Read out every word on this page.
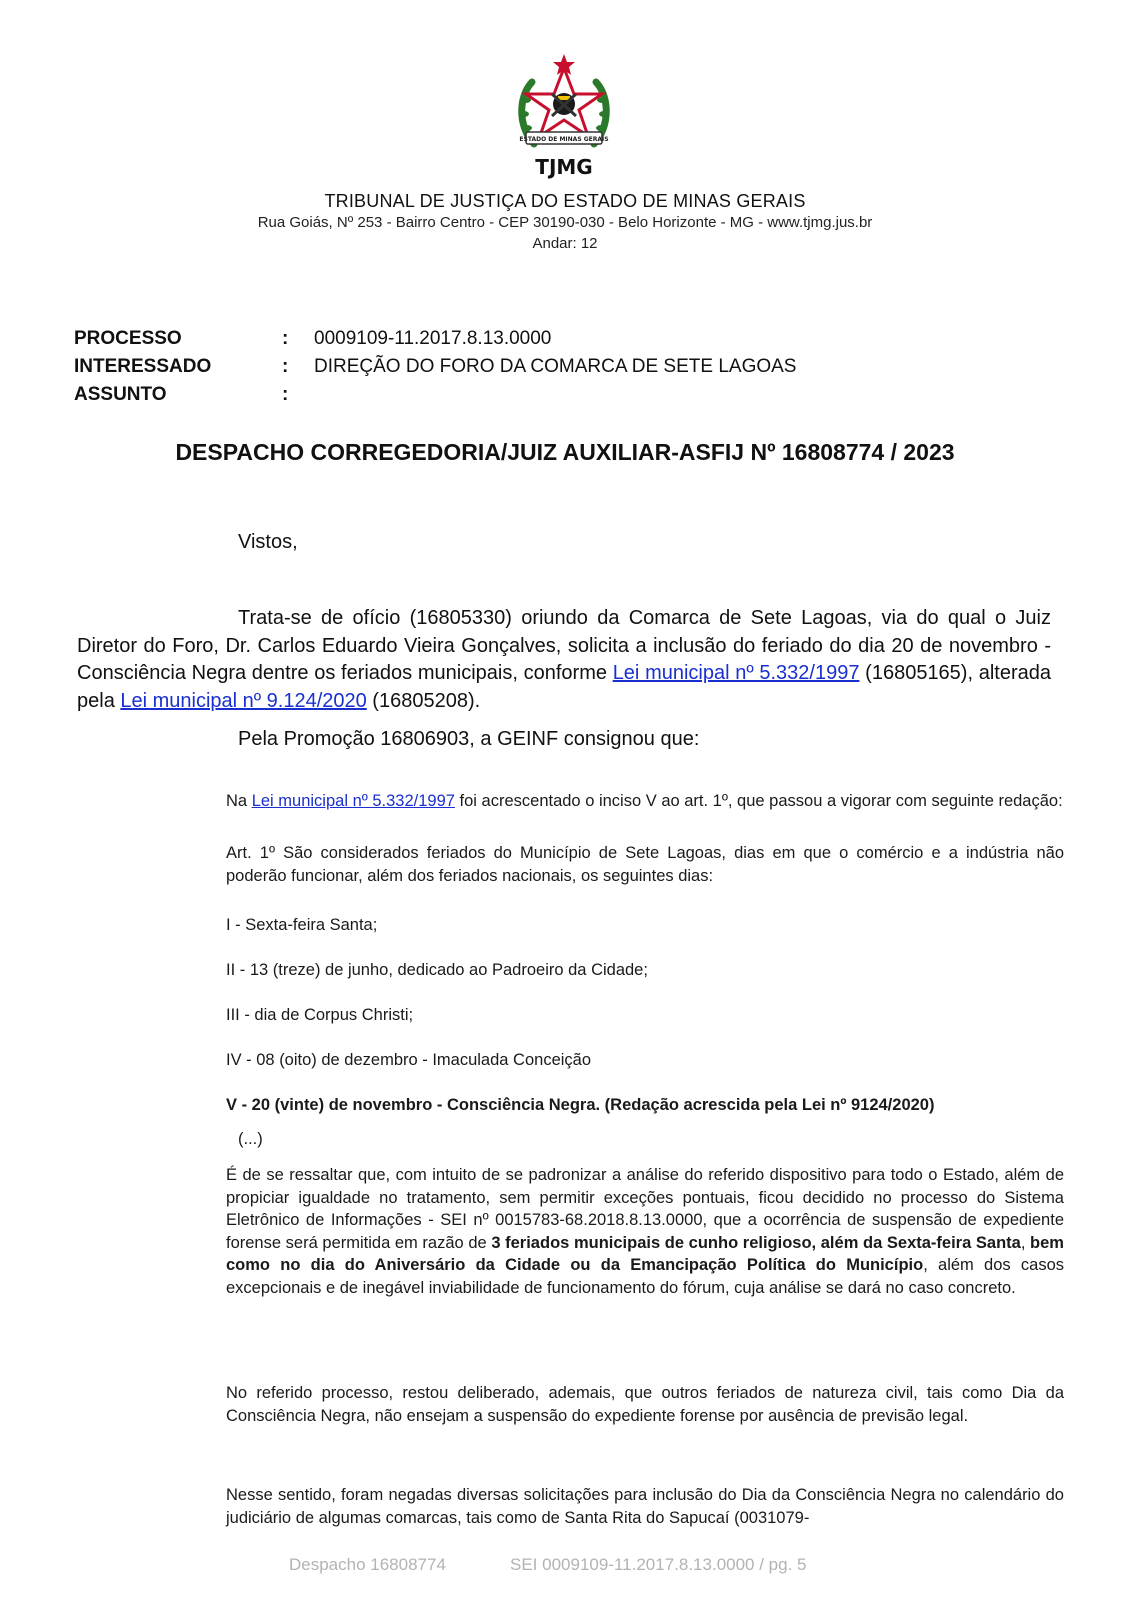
ESTADO DE MINAS GERAIS
TJMG
TRIBUNAL DE JUSTIÇA DO ESTADO DE MINAS GERAIS
Rua Goiás, Nº 253 - Bairro Centro - CEP 30190-030 - Belo Horizonte - MG - www.tjmg.jus.br
Andar: 12
PROCESSO	:	0009109-11.2017.8.13.0000
INTERESSADO	:	DIREÇÃO DO FORO DA COMARCA DE SETE LAGOAS
ASSUNTO	:
DESPACHO CORREGEDORIA/JUIZ AUXILIAR-ASFIJ Nº 16808774 / 2023
Vistos,
Trata-se de ofício (16805330) oriundo da Comarca de Sete Lagoas, via do qual o Juiz Diretor do Foro, Dr. Carlos Eduardo Vieira Gonçalves, solicita a inclusão do feriado do dia 20 de novembro - Consciência Negra dentre os feriados municipais, conforme Lei municipal nº 5.332/1997 (16805165), alterada pela Lei municipal nº 9.124/2020 (16805208).
Pela Promoção 16806903, a GEINF consignou que:
Na Lei municipal nº 5.332/1997 foi acrescentado o inciso V ao art. 1º, que passou a vigorar com seguinte redação:
Art. 1º São considerados feriados do Município de Sete Lagoas, dias em que o comércio e a indústria não poderão funcionar, além dos feriados nacionais, os seguintes dias:
I - Sexta-feira Santa;
II - 13 (treze) de junho, dedicado ao Padroeiro da Cidade;
III - dia de Corpus Christi;
IV - 08 (oito) de dezembro - Imaculada Conceição
V - 20 (vinte) de novembro - Consciência Negra. (Redação acrescida pela Lei nº 9124/2020)
(...)
É de se ressaltar que, com intuito de se padronizar a análise do referido dispositivo para todo o Estado, além de propiciar igualdade no tratamento, sem permitir exceções pontuais, ficou decidido no processo do Sistema Eletrônico de Informações - SEI nº 0015783-68.2018.8.13.0000, que a ocorrência de suspensão de expediente forense será permitida em razão de 3 feriados municipais de cunho religioso, além da Sexta-feira Santa, bem como no dia do Aniversário da Cidade ou da Emancipação Política do Município, além dos casos excepcionais e de inegável inviabilidade de funcionamento do fórum, cuja análise se dará no caso concreto.
No referido processo, restou deliberado, ademais, que outros feriados de natureza civil, tais como Dia da Consciência Negra, não ensejam a suspensão do expediente forense por ausência de previsão legal.
Nesse sentido, foram negadas diversas solicitações para inclusão do Dia da Consciência Negra no calendário do judiciário de algumas comarcas, tais como de Santa Rita do Sapucaí (0031079-
Despacho 16808774	SEI 0009109-11.2017.8.13.0000 / pg. 5
